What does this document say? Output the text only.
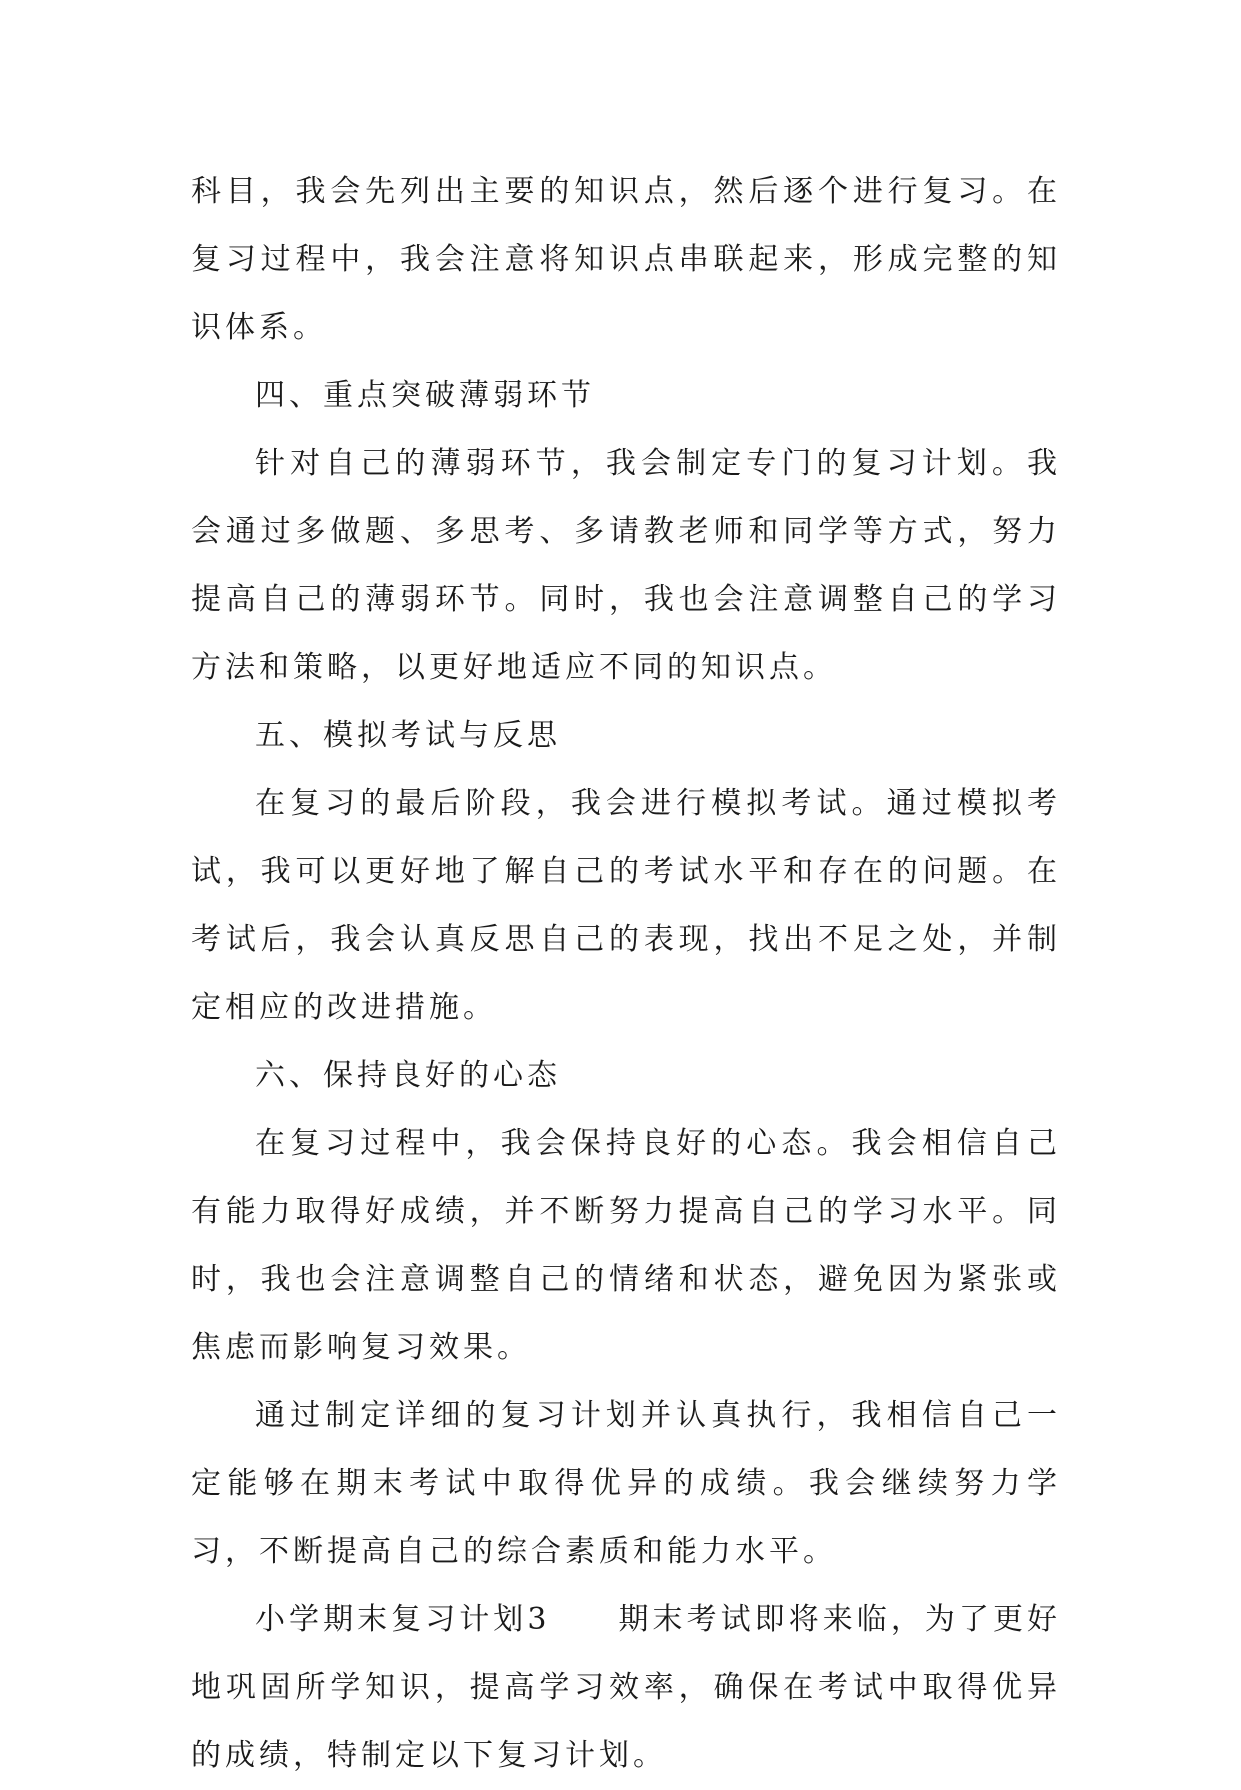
科目，我会先列出主要的知识点，然后逐个进行复习。在复习过程中，我会注意将知识点串联起来，形成完整的知识体系。

四、重点突破薄弱环节

针对自己的薄弱环节，我会制定专门的复习计划。我会通过多做题、多思考、多请教老师和同学等方式，努力提高自己的薄弱环节。同时，我也会注意调整自己的学习方法和策略，以更好地适应不同的知识点。

五、模拟考试与反思

在复习的最后阶段，我会进行模拟考试。通过模拟考试，我可以更好地了解自己的考试水平和存在的问题。在考试后，我会认真反思自己的表现，找出不足之处，并制定相应的改进措施。

六、保持良好的心态

在复习过程中，我会保持良好的心态。我会相信自己有能力取得好成绩，并不断努力提高自己的学习水平。同时，我也会注意调整自己的情绪和状态，避免因为紧张或焦虑而影响复习效果。

通过制定详细的复习计划并认真执行，我相信自己一定能够在期末考试中取得优异的成绩。我会继续努力学习，不断提高自己的综合素质和能力水平。

小学期末复习计划3　　期末考试即将来临，为了更好地巩固所学知识，提高学习效率，确保在考试中取得优异的成绩，特制定以下复习计划。
